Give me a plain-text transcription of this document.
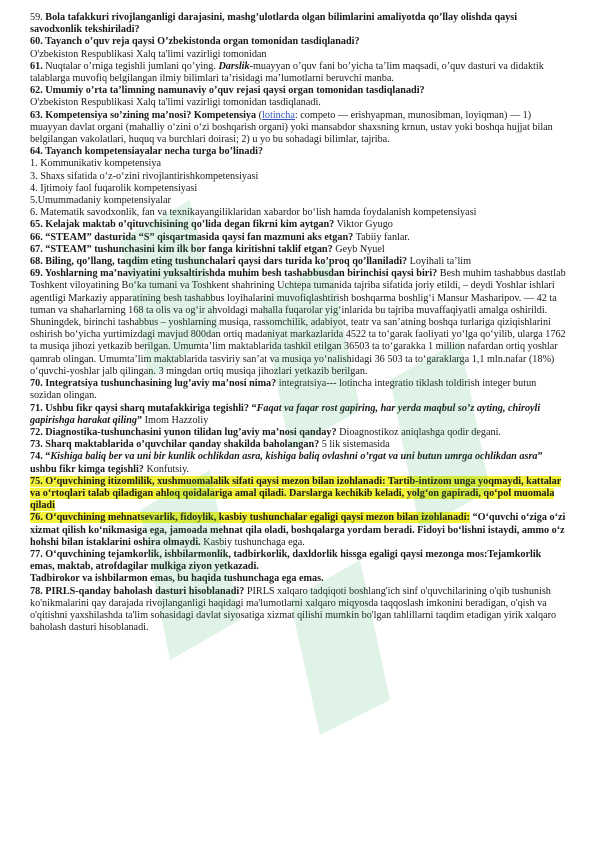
59. Bola tafakkuri rivojlanganligi darajasini, mashg’ulotlarda olgan bilimlarini amaliyotda qo’llay olishda qaysi savodxonlik tekshiriladi?

60. Tayanch o’quv reja qaysi O’zbekistonda organ tomonidan tasdiqlanadi?

O'zbekiston Respublikasi Xalq ta'limi vazirligi tomonidan

61. Nuqtalar o’rniga tegishli jumlani qo’ying. Darslik-muayyan o’quv fani bo’yicha ta’lim maqsadi, o’quv dasturi va didaktik talablarga muvofiq belgilangan ilmiy bilimlari ta’risidagi ma’lumotlarni beruvchi manba.

62. Umumiy o’rta ta’limning namunaviy o’quv rejasi qaysi organ tomonidan tasdiqlanadi?

O'zbekiston Respublikasi Xalq ta'limi vazirligi tomonidan tasdiqlanadi.

63. Kompetensiya so’zining ma’nosi? Kompetensiya (lotincha: competo — erishyapman, munosibman, loyiqman) — 1) muayyan davlat organi (mahalliy o‘zini o‘zi boshqarish organi) yoki mansabdor shaxsning krnun, ustav yoki boshqa hujjat bilan belgilangan vakolatlari, huquq va burchlari doirasi; 2) u yo bu sohadagi bilimlar, tajriba.

64. Tayanch kompetensiayalar necha turga bo’linadi?

1. Kommunikativ kompetensiya

3. Shaxs sifatida o‘z-o‘zini rivojlantirishkompetensiyasi

4. Ijtimoiy faol fuqarolik kompetensiyasi

5.Umummadaniy kompetensiyalar

6. Matematik savodxonlik, fan va texnikayangiliklaridan xabardor bo‘lish hamda foydalanish kompetensiyasi

65. Kelajak maktab o’qituvchisining qo’lida degan fikrni kim aytgan? Viktor Gyugo

66. “STEAM” dasturida “S” qisqartmasida qaysi fan mazmuni aks etgan? Tabiiy fanlar.

67. “STEAM” tushunchasini kim ilk bor fanga kiritishni taklif etgan? Geyb Nyuel

68. Biling, qo’llang, taqdim eting tushunchalari qaysi dars turida ko’proq qo’llaniladi? Loyihali ta’lim

69. Yoshlarning ma’naviyatini yuksaltirishda muhim besh tashabbusdan birinchisi qaysi biri? Besh muhim tashabbus dastlab Toshkent viloyatining Bo‘ka tumani va Toshkent shahrining Uchtepa tumanida tajriba sifatida joriy etildi, – deydi Yoshlar ishlari agentligi Markaziy apparatining besh tashabbus loyihalarini muvofiqlashtirish boshqarma boshlig‘i Mansur Masharipov. — 42 ta tuman va shaharlarning 168 ta olis va og‘ir ahvoldagi mahalla fuqarolar yig‘inlarida bu tajriba muvaffaqiyatli amalga oshirildi. Shuningdek, birinchi tashabbus – yoshlarning musiqa, rassomchilik, adabiyot, teatr va san’atning boshqa turlariga qiziqishlarini oshirish bo‘yicha yurtimizdagi mavjud 800dan ortiq madaniyat markazlarida 4522 ta to‘garak faoliyati yo‘lga qo‘yilib, ularga 1762 ta musiqa jihozi yetkazib berilgan. Umumta’lim maktablarida tashkil etilgan 36503 ta to‘garakka 1 million nafardan ortiq yoshlar qamrab olingan. Umumta’lim maktablarida tasviriy san’at va musiqa yo‘nalishidagi 36 503 ta to‘garaklarga 1,1 mln.nafar (18%) o‘quvchi-yoshlar jalb qilingan. 3 mingdan ortiq musiqa jihozlari yetkazib berilgan.

70. Integratsiya tushunchasining lug’aviy ma’nosi nima? integratsiya--- lotincha integratio tiklash toldirish integer butun sozidan olingan.

71. Ushbu fikr qaysi sharq mutafakkiriga tegishli? “Faqat va faqar rost gapiring, har yerda maqbul so’z ayting, chiroyli gapirishga harakat qiling” Imom Hazzoliy

72. Diagnostika-tushunchasini yunon tilidan lug’aviy ma’nosi qanday? Dioagnostikoz aniqlashga qodir degani.

73. Sharq maktablarida o’quvchilar qanday shakilda baholangan? 5 lik sistemasida

74. “Kishiga baliq ber va uni bir kunlik ochlikdan asra, kishiga baliq ovlashni o’rgat va uni butun umrga ochlikdan asra” ushbu fikr kimga tegishli? Konfutsiy.

75. O‘quvchining itizomlilik, xushmuomalalik sifati qaysi mezon bilan izohlanadi: Tartib-intizom unga yoqmaydi, kattalar va o‘rtoqlari talab qiladigan ahloq qoidalariga amal qiladi. Darslarga kechikib keladi, yolg‘on gapiradi, qo‘pol muomala qiladi

76. O‘quvchining mehnatsevarlik, fidoylik, kasbiy tushunchalar egaligi qaysi mezon bilan izohlanadi: “O‘quvchi o‘ziga o‘zi xizmat qilish ko‘nikmasiga ega, jamoada mehnat qila oladi, boshqalarga yordam beradi. Fidoyi bo‘lishni istaydi, ammo o‘z hohshi bilan istaklarini oshira olmaydi. Kasbiy tushunchaga ega.

77. O‘quvchining tejamkorlik, ishbilarmonlik, tadbirkorlik, daxldorlik hissga egaligi qaysi mezonga mos:Tejamkorlik emas, maktab, atrofdagilar mulkiga ziyon yetkazadi.

Tadbirokor va ishbilarmon emas, bu haqida tushunchaga ega emas.

78. PIRLS-qanday baholash dasturi hisoblanadi? PIRLS xalqaro tadqiqoti boshlang'ich sinf o'quvchilarining o'qib tushunish ko'nikmalarini qay darajada rivojlanganligi haqidagi ma'lumotlarni xalqaro miqyosda taqqoslash imkonini beradigan, o'qish va o'qitishni yaxshilashda ta'lim sohasidagi davlat siyosatiga xizmat qilishi mumkin bo'lgan tahlillarni taqdim etadigan yirik xalqaro baholash dasturi hisoblanadi.
